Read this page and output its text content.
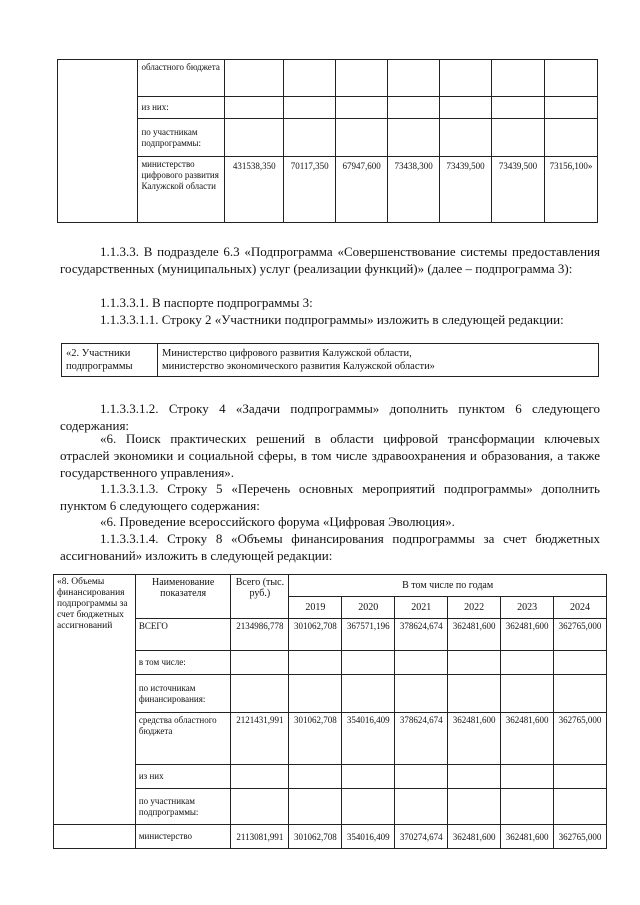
	областного бюджета							
	из них:							
	по участникам подпрограммы:							
	министерство цифрового развития Калужской области	431538,350	70117,350	67947,600	73438,300	73439,500	73439,500	73156,100»
1.1.3.3. В подразделе 6.3 «Подпрограмма «Совершенствование системы предоставления государственных (муниципальных) услуг (реализации функций)» (далее – подпрограмма 3):
1.1.3.3.1. В паспорте подпрограммы 3:
1.1.3.3.1.1. Строку 2 «Участники подпрограммы» изложить в следующей редакции:
«2. Участники подпрограммы	
Министерство цифрового развития Калужской области,
министерство экономического развития Калужской области»
1.1.3.3.1.2. Строку 4 «Задачи подпрограммы» дополнить пунктом 6 следующего содержания:
«6. Поиск практических решений в области цифровой трансформации ключевых отраслей экономики и социальной сферы, в том числе здравоохранения и образования, а также государственного управления».
1.1.3.3.1.3. Строку 5 «Перечень основных мероприятий подпрограммы» дополнить пунктом 6 следующего содержания:
«6. Проведение всероссийского форума «Цифровая Эволюция».
1.1.3.3.1.4. Строку 8 «Объемы финансирования подпрограммы за счет бюджетных ассигнований» изложить в следующей редакции:
«8. Объемы финансирования подпрограммы за счет бюджетных ассигнований	Наименование показателя	Всего (тыс. руб.)	В том числе по годам					
			2019	2020	2021	2022	2023	2024
	ВСЕГО	2134986,778	301062,708	367571,196	378624,674	362481,600	362481,600	362765,000
	в том числе:							
	по источникам финансирования:							
	средства областного бюджета	2121431,991	301062,708	354016,409	378624,674	362481,600	362481,600	362765,000
	из них							
	по участникам подпрограммы:							
	министерство	2113081,991	301062,708	354016,409	370274,674	362481,600	362481,600	362765,000
